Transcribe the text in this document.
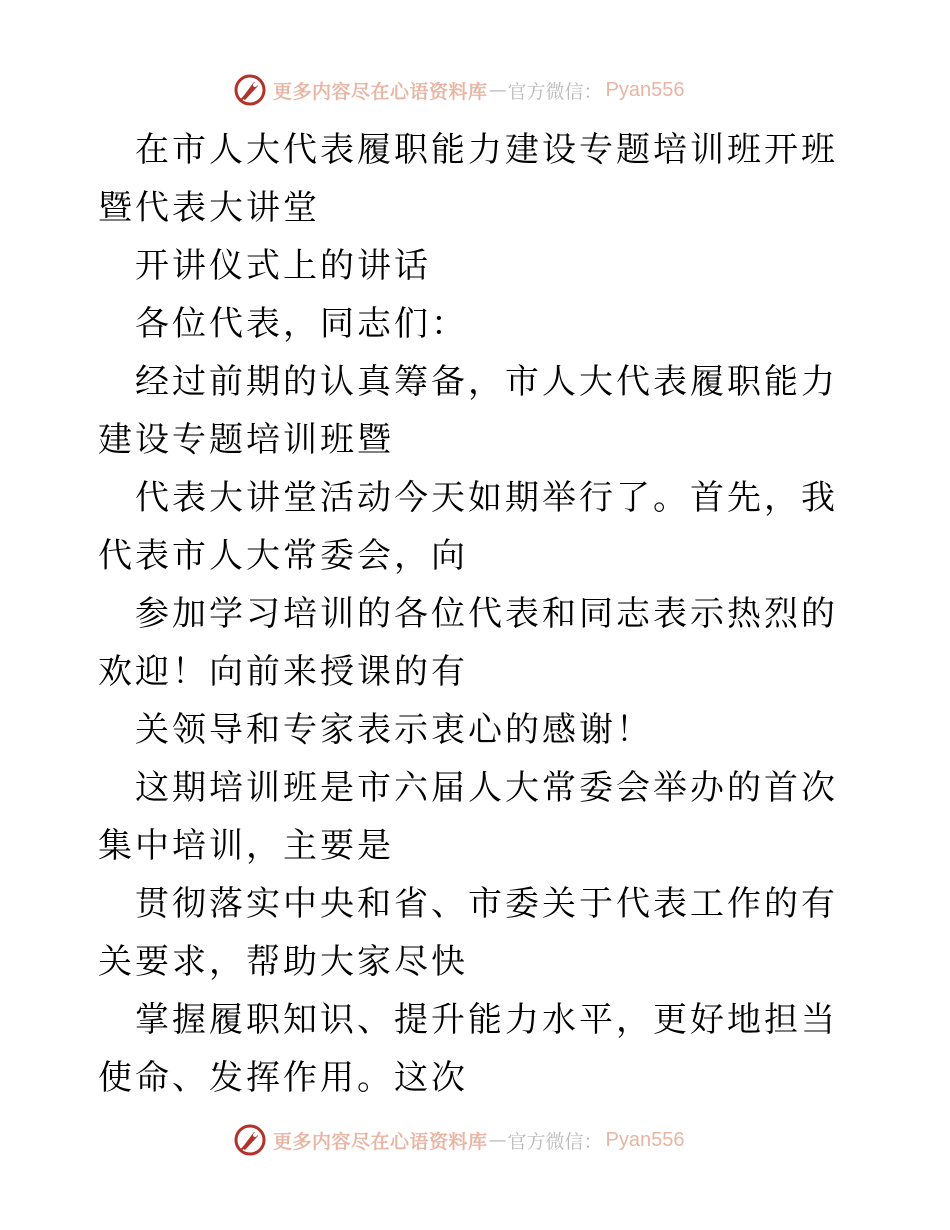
更多内容尽在心语资料库 — 官方微信： Pyan556

在市人大代表履职能力建设专题培训班开班暨代表大讲堂

开讲仪式上的讲话

各位代表，同志们：

经过前期的认真筹备，市人大代表履职能力建设专题培训班暨

代表大讲堂活动今天如期举行了。首先，我代表市人大常委会，向

参加学习培训的各位代表和同志表示热烈的欢迎！向前来授课的有

关领导和专家表示衷心的感谢！

这期培训班是市六届人大常委会举办的首次集中培训，主要是

贯彻落实中央和省、市委关于代表工作的有关要求，帮助大家尽快

掌握履职知识、提升能力水平，更好地担当使命、发挥作用。这次

更多内容尽在心语资料库 — 官方微信： Pyan556
